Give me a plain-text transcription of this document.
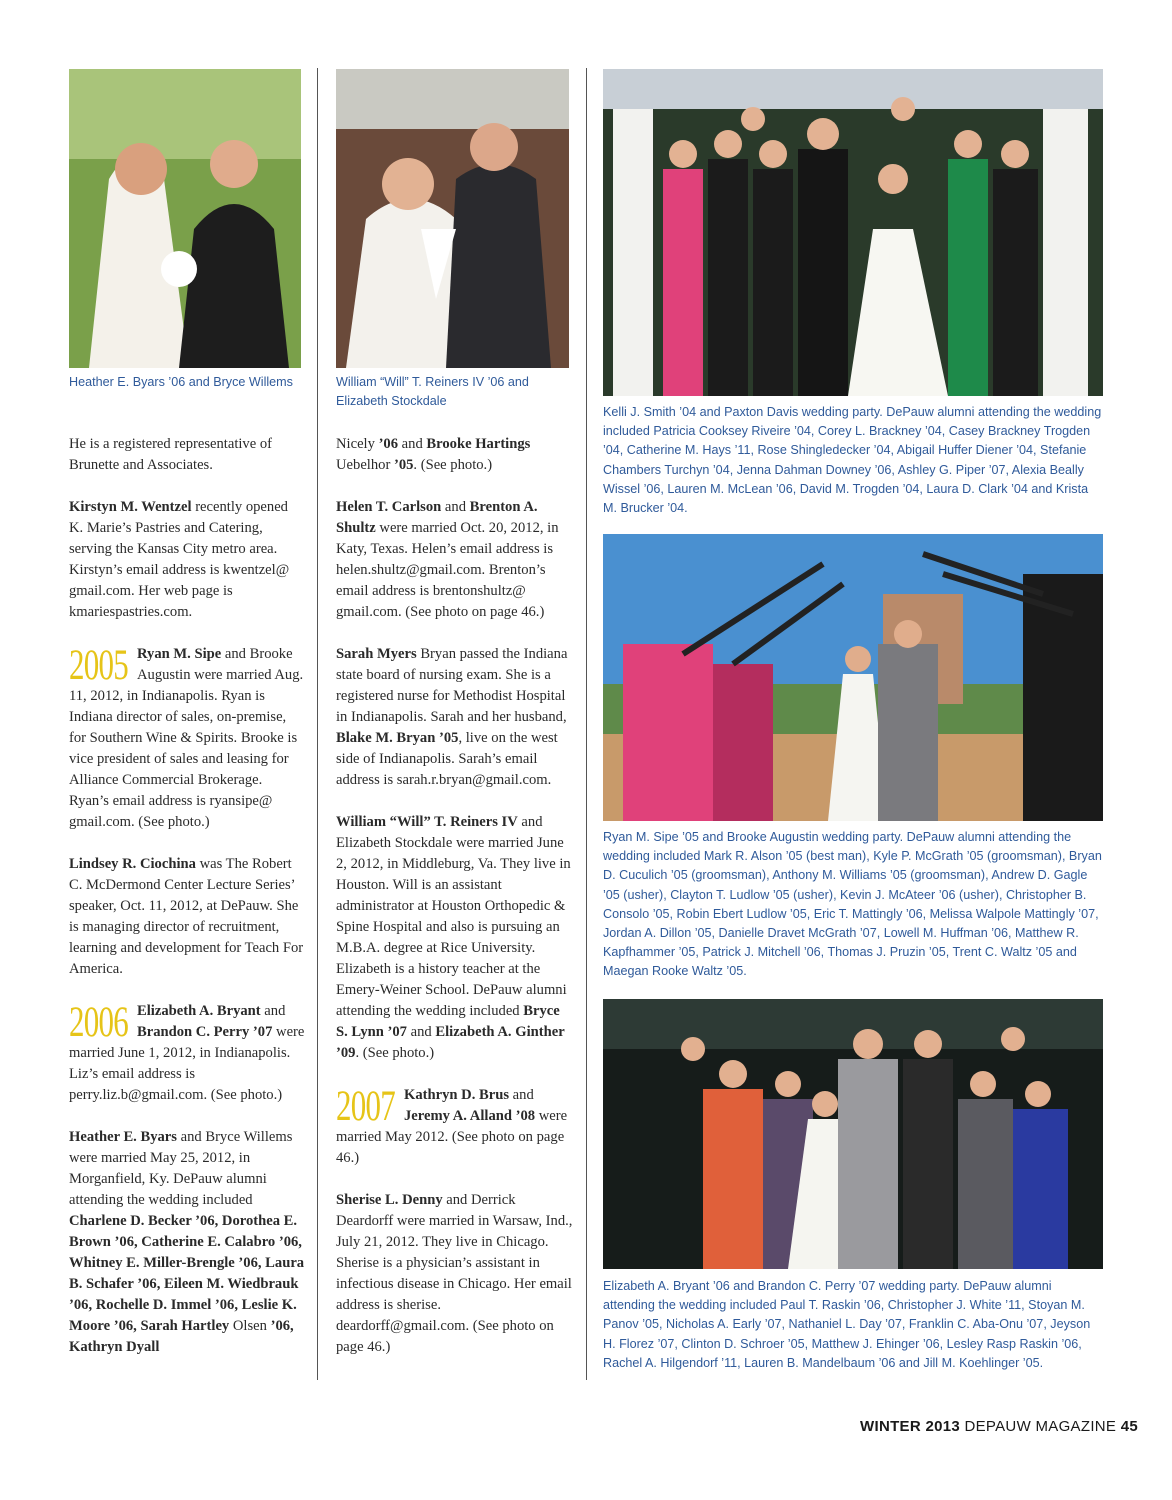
Heather E. Byars ’06 and Bryce Willems	William “Will” T. Reiners IV ’06 and Elizabeth Stockdale
Kelli J. Smith ’04 and Paxton Davis wedding party. DePauw alumni attending the wedding included Patricia Cooksey Riveire ’04, Corey L. Brackney ’04, Casey Brackney Trogden ’04, Catherine M. Hays ’11, Rose Shingledecker ’04, Abigail Huffer Diener ’04, Stefanie Chambers Turchyn ’04, Jenna Dahman Downey ’06, Ashley G. Piper ’07, Alexia Beally Wissel ’06, Lauren M. McLean ’06, David M. Trogden ’04, Laura D. Clark ’04 and Krista M. Brucker ’04.
Ryan M. Sipe ’05 and Brooke Augustin wedding party. DePauw alumni attending the wedding included Mark R. Alson ’05 (best man), Kyle P. McGrath ’05 (groomsman), Bryan D. Cuculich ’05 (groomsman), Anthony M. Williams ’05 (groomsman), Andrew D. Gagle ’05 (usher), Clayton T. Ludlow ’05 (usher), Kevin J. McAteer ’06 (usher), Christopher B. Consolo ’05, Robin Ebert Ludlow ’05, Eric T. Mattingly ’06, Melissa Walpole Mattingly ’07, Jordan A. Dillon ’05, Danielle Dravet McGrath ’07, Lowell M. Huffman ’06, Matthew R. Kapfhammer ’05, Patrick J. Mitchell ’06, Thomas J. Pruzin ’05, Trent C. Waltz ’05 and Maegan Rooke Waltz ’05.
Elizabeth A. Bryant ’06 and Brandon C. Perry ’07 wedding party. DePauw alumni attending the wedding included Paul T. Raskin ’06, Christopher J. White ’11, Stoyan M. Panov ’05, Nicholas A. Early ’07, Nathaniel L. Day ’07, Franklin C. Aba-Onu ’07, Jeyson H. Florez ’07, Clinton D. Schroer ’05, Matthew J. Ehinger ’06, Lesley Rasp Raskin ’06, Rachel A. Hilgendorf ’11, Lauren B. Mandelbaum ’06 and Jill M. Koehlinger ’05.

He is a registered representative of Brunette and Associates.

Kirstyn M. Wentzel recently opened K. Marie’s Pastries and Catering, serving the Kansas City metro area. Kirstyn’s email address is kwentzel@ gmail.com. Her web page is kmariespastries.com.

2005 Ryan M. Sipe and Brooke Augustin were married Aug. 11, 2012, in Indianapolis. Ryan is Indiana director of sales, on-premise, for Southern Wine & Spirits. Brooke is vice president of sales and leasing for Alliance Commercial Brokerage. Ryan’s email address is ryansipe@ gmail.com. (See photo.)

Lindsey R. Ciochina was The Robert C. McDermond Center Lecture Series’ speaker, Oct. 11, 2012, at DePauw. She is managing director of recruitment, learning and development for Teach For America.

2006 Elizabeth A. Bryant and Brandon C. Perry ’07 were married June 1, 2012, in Indianapolis. Liz’s email address is perry.liz.b@gmail.com. (See photo.)

Heather E. Byars and Bryce Willems were married May 25, 2012, in Morganfield, Ky. DePauw alumni attending the wedding included Charlene D. Becker ’06, Dorothea E. Brown ’06, Catherine E. Calabro ’06, Whitney E. Miller-Brengle ’06, Laura B. Schafer ’06, Eileen M. Wiedbrauk ’06, Rochelle D. Immel ’06, Leslie K. Moore ’06, Sarah Hartley Olsen ’06, Kathryn Dyall

Nicely ’06 and Brooke Hartings Uebelhor ’05. (See photo.)

Helen T. Carlson and Brenton A. Shultz were married Oct. 20, 2012, in Katy, Texas. Helen’s email address is helen.shultz@gmail.com. Brenton’s email address is brentonshultz@ gmail.com. (See photo on page 46.)

Sarah Myers Bryan passed the Indiana state board of nursing exam. She is a registered nurse for Methodist Hospital in Indianapolis. Sarah and her husband, Blake M. Bryan ’05, live on the west side of Indianapolis. Sarah’s email address is sarah.r.bryan@gmail.com.

William “Will” T. Reiners IV and Elizabeth Stockdale were married June 2, 2012, in Middleburg, Va. They live in Houston. Will is an assistant administrator at Houston Orthopedic & Spine Hospital and also is pursuing an M.B.A. degree at Rice University. Elizabeth is a history teacher at the Emery-Weiner School. DePauw alumni attending the wedding included Bryce S. Lynn ’07 and Elizabeth A. Ginther ’09. (See photo.)

2007 Kathryn D. Brus and Jeremy A. Alland ’08 were married May 2012. (See photo on page 46.)

Sherise L. Denny and Derrick Deardorff were married in Warsaw, Ind., July 21, 2012. They live in Chicago. Sherise is a physician’s assistant in infectious disease in Chicago. Her email address is sherise. deardorff@gmail.com. (See photo on page 46.)

WINTER 2013 DEPAUW MAGAZINE 45
